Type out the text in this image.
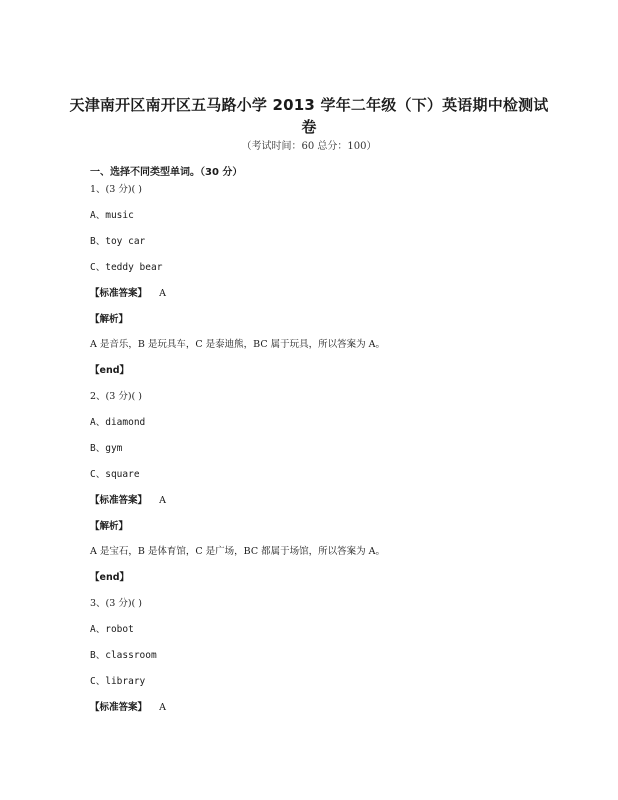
天津南开区南开区五马路小学 2013 学年二年级（下）英语期中检测试
卷
（考试时间：60 总分：100）
一、选择不同类型单词。（30 分）
1、(3 分)( )
A、music
B、toy car
C、teddy bear
【标准答案】 A
【解析】
A 是音乐，B 是玩具车，C 是泰迪熊，BC 属于玩具，所以答案为 A。
【end】
2、(3 分)( )
A、diamond
B、gym
C、square
【标准答案】 A
【解析】
A 是宝石，B 是体育馆，C 是广场，BC 都属于场馆，所以答案为 A。
【end】
3、(3 分)( )
A、robot
B、classroom
C、library
【标准答案】 A
